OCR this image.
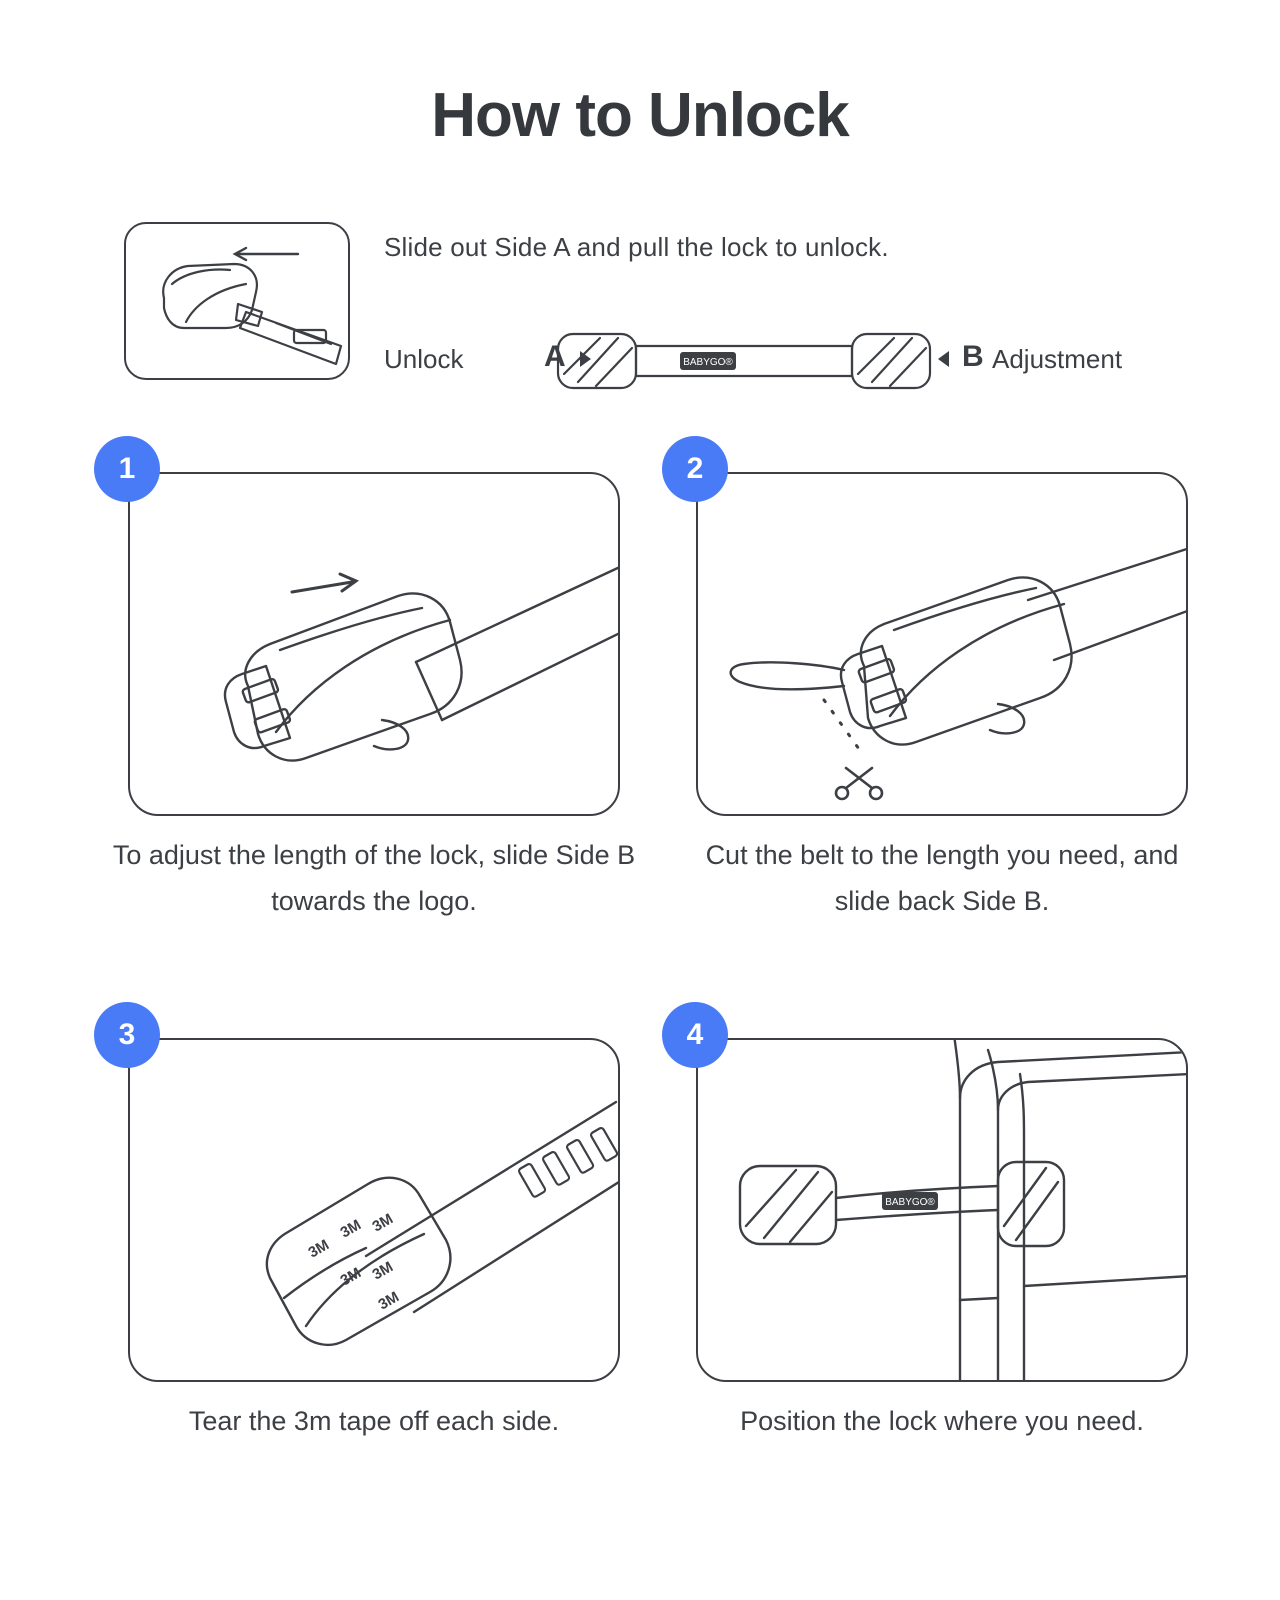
How to Unlock
Slide out Side A and pull the lock to unlock.
Unlock	A	BABYGO®	B Adjustment
1
To adjust the length of the lock, slide Side B towards the logo.
2
Cut the belt to the length you need, and slide back Side B.
3M
3M 3M
3M 3M
3M
3
Tear the 3m tape off each side.
BABYGO®
4
Position the lock where you need.
